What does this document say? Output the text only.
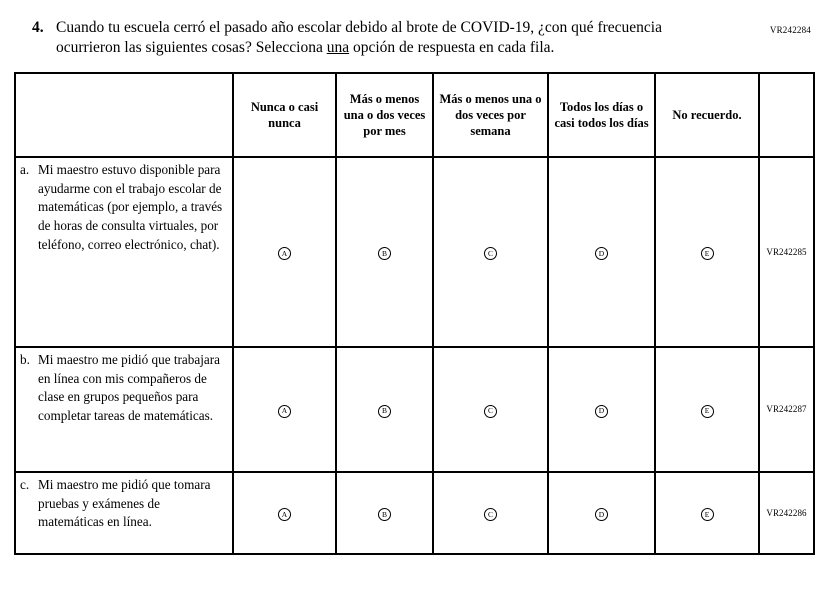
VR242284
4. Cuando tu escuela cerró el pasado año escolar debido al brote de COVID-19, ¿con qué frecuencia ocurrieron las siguientes cosas? Selecciona una opción de respuesta en cada fila.
	Nunca o casi nunca	Más o menos una o dos veces por mes	Más o menos una o dos veces por semana	Todos los días o casi todos los días	No recuerdo.	

a. Mi maestro estuvo disponible para ayudarme con el trabajo escolar de matemáticas (por ejemplo, a través de horas de consulta virtuales, por teléfono, correo electrónico, chat).	A	B	C	D	E	VR242285

b. Mi maestro me pidió que trabajara en línea con mis compañeros de clase en grupos pequeños para completar tareas de matemáticas.	A	B	C	D	E	VR242287

c. Mi maestro me pidió que tomara pruebas y exámenes de matemáticas en línea.	A	B	C	D	E	VR242286
